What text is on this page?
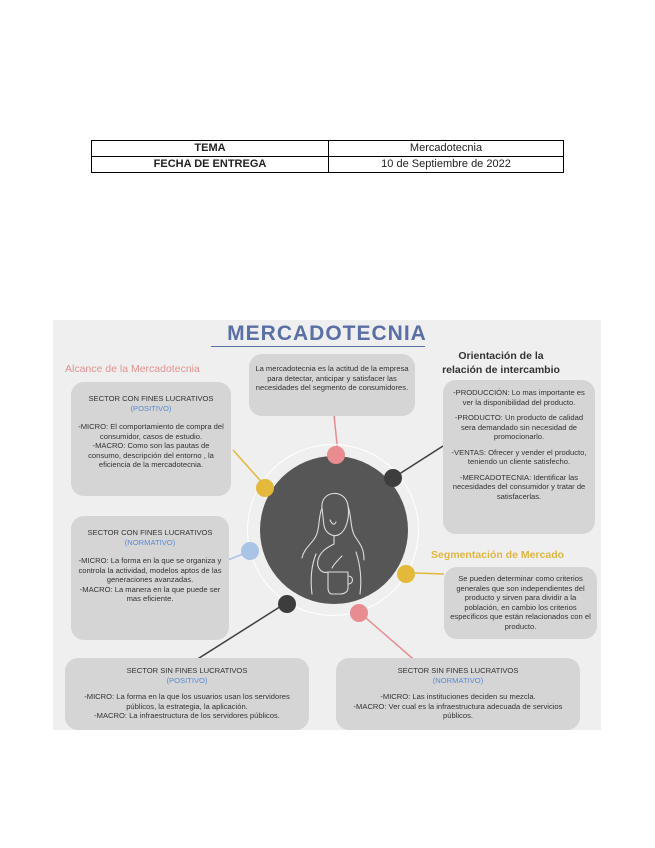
TEMA	Mercadotecnia
FECHA DE ENTREGA	10 de Septiembre de 2022
MERCADOTECNIA
Alcance de la Mercadotecnia
Orientación de la relación de intercambio
Segmentación de Mercado

La mercadotecnia es la actitud de la empresa para detectar, anticipar y satisfacer las necesidades del segmento de consumidores.

SECTOR CON FINES LUCRATIVOS
(POSITIVO)

-MICRO: El comportamiento de compra del consumidor, casos de estudio.

-MACRO: Como son las pautas de consumo, descripción del entorno , la eficiencia de la mercadotecnia.

SECTOR CON FINES LUCRATIVOS
(NORMATIVO)

-MICRO: La forma en la que se organiza y controla la actividad, modelos aptos de las generaciones avanzadas.

-MACRO: La manera en la que puede ser mas eficiente.

-PRODUCCIÓN: Lo mas importante es ver la disponibilidad del producto.

-PRODUCTO: Un producto de calidad sera demandado sin necesidad de promocionarlo.

-VENTAS: Ofrecer y vender el producto, teniendo un cliente satisfecho.

-MERCADOTECNIA: Identificar las necesidades del consumidor y tratar de satisfacerlas.

Se pueden determinar como criterios generales que son independientes del producto y sirven para dividir a la población, en cambio los criterios especificos que están relacionados con el producto.

SECTOR SIN FINES LUCRATIVOS
(POSITIVO)

-MICRO: La forma en la que los usuarios usan los servidores públicos, la estrategia, la aplicación.

-MACRO: La infraestructura de los servidores públicos.

SECTOR SIN FINES LUCRATIVOS
(NORMATIVO)

-MICRO: Las instituciones deciden su mezcla.

-MACRO: Ver cual es la infraestructura adecuada de servicios públicos.
